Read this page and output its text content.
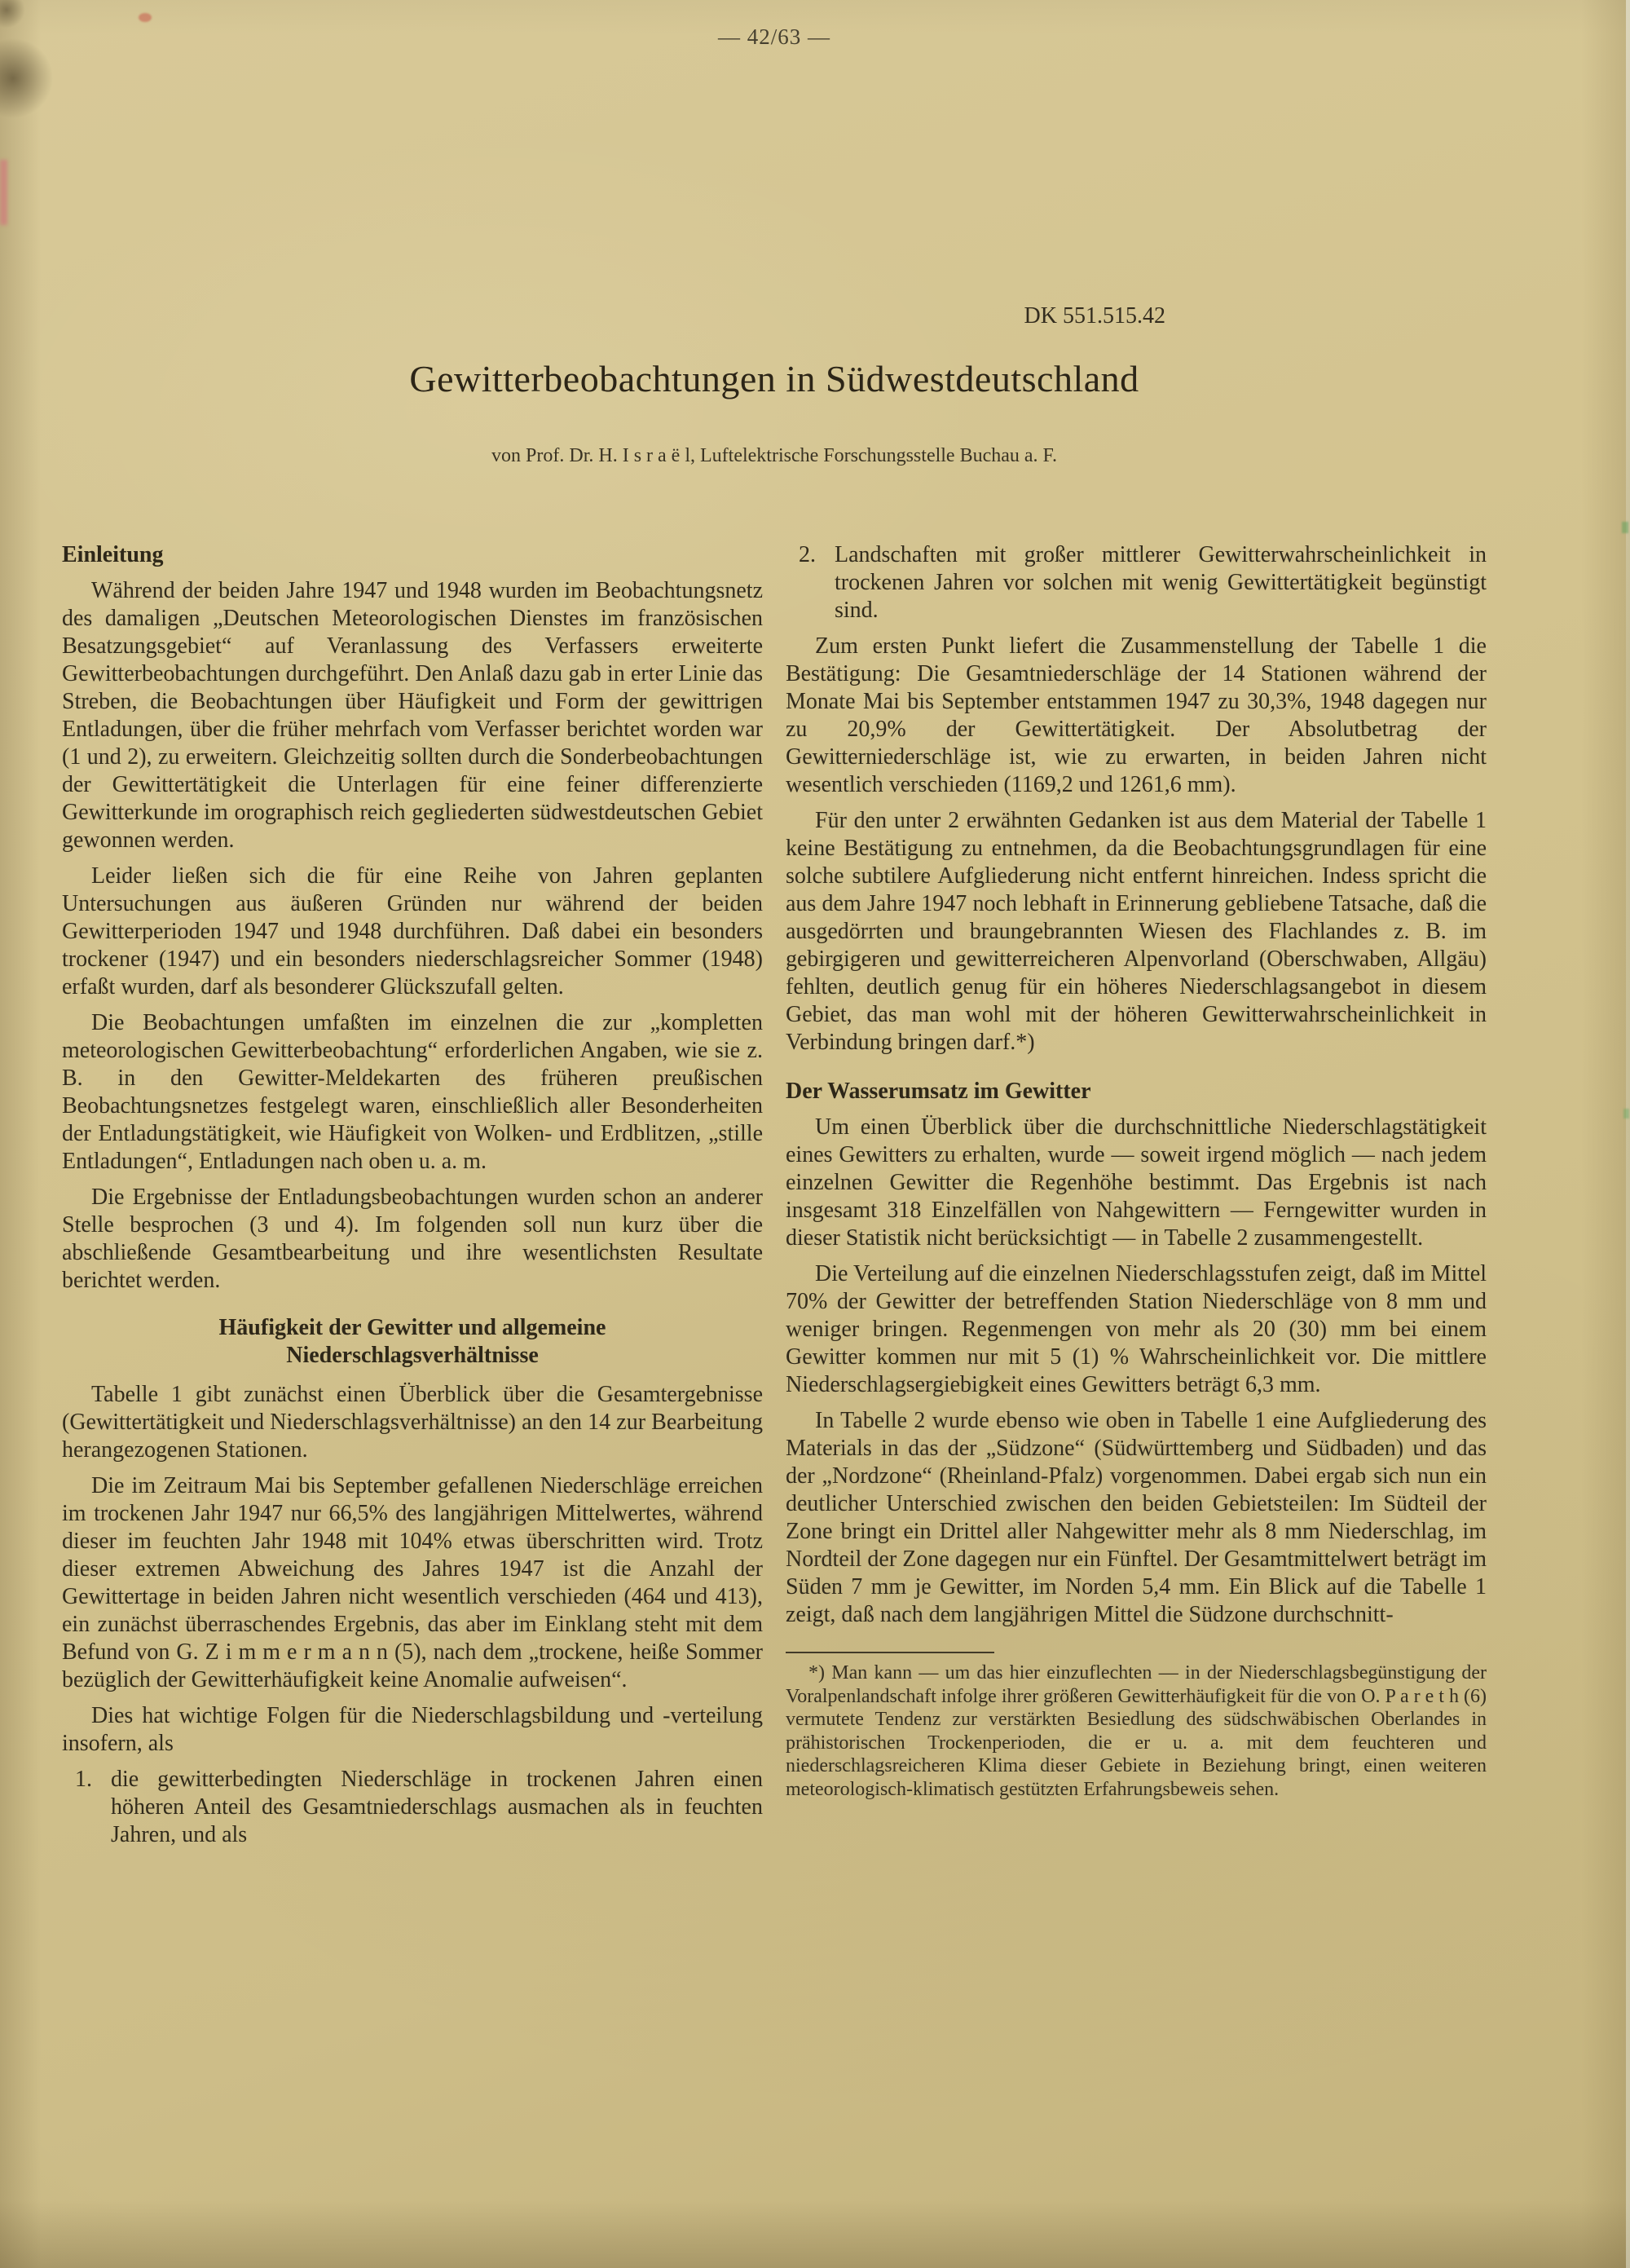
— 42/63 —
DK 551.515.42
Gewitterbeobachtungen in Südwestdeutschland
von Prof. Dr. H. I s r a ë l, Luftelektrische Forschungsstelle Buchau a. F.
Einleitung

Während der beiden Jahre 1947 und 1948 wurden im Beobachtungsnetz des damaligen „Deutschen Meteorologischen Dienstes im französischen Besatzungsgebiet“ auf Veranlassung des Verfassers erweiterte Gewitterbeobachtungen durchgeführt. Den Anlaß dazu gab in erter Linie das Streben, die Beobachtungen über Häufigkeit und Form der gewittrigen Entladungen, über die früher mehrfach vom Verfasser berichtet worden war (1 und 2), zu erweitern. Gleichzeitig sollten durch die Sonderbeobachtungen der Gewittertätigkeit die Unterlagen für eine feiner differenzierte Gewitterkunde im orographisch reich gegliederten südwestdeutschen Gebiet gewonnen werden.

Leider ließen sich die für eine Reihe von Jahren geplanten Untersuchungen aus äußeren Gründen nur während der beiden Gewitterperioden 1947 und 1948 durchführen. Daß dabei ein besonders trockener (1947) und ein besonders niederschlagsreicher Sommer (1948) erfaßt wurden, darf als besonderer Glückszufall gelten.

Die Beobachtungen umfaßten im einzelnen die zur „kompletten meteorologischen Gewitterbeobachtung“ erforderlichen Angaben, wie sie z. B. in den Gewitter-Meldekarten des früheren preußischen Beobachtungsnetzes festgelegt waren, einschließlich aller Besonderheiten der Entladungstätigkeit, wie Häufigkeit von Wolken- und Erdblitzen, „stille Entladungen“, Entladungen nach oben u. a. m.

Die Ergebnisse der Entladungsbeobachtungen wurden schon an anderer Stelle besprochen (3 und 4). Im folgenden soll nun kurz über die abschließende Gesamtbearbeitung und ihre wesentlichsten Resultate berichtet werden.

Häufigkeit der Gewitter und allgemeine Niederschlagsverhältnisse

Tabelle 1 gibt zunächst einen Überblick über die Gesamtergebnisse (Gewittertätigkeit und Niederschlagsverhältnisse) an den 14 zur Bearbeitung herangezogenen Stationen.

Die im Zeitraum Mai bis September gefallenen Niederschläge erreichen im trockenen Jahr 1947 nur 66,5% des langjährigen Mittelwertes, während dieser im feuchten Jahr 1948 mit 104% etwas überschritten wird. Trotz dieser extremen Abweichung des Jahres 1947 ist die Anzahl der Gewittertage in beiden Jahren nicht wesentlich verschieden (464 und 413), ein zunächst überraschendes Ergebnis, das aber im Einklang steht mit dem Befund von G. Z i m m e r m a n n (5), nach dem „trockene, heiße Sommer bezüglich der Gewitterhäufigkeit keine Anomalie aufweisen“.

Dies hat wichtige Folgen für die Niederschlagsbildung und -verteilung insofern, als

1. die gewitterbedingten Niederschläge in trockenen Jahren einen höheren Anteil des Gesamtniederschlags ausmachen als in feuchten Jahren, und als
2. Landschaften mit großer mittlerer Gewitterwahrscheinlichkeit in trockenen Jahren vor solchen mit wenig Gewittertätigkeit begünstigt sind.

Zum ersten Punkt liefert die Zusammenstellung der Tabelle 1 die Bestätigung: Die Gesamtniederschläge der 14 Stationen während der Monate Mai bis September entstammen 1947 zu 30,3%, 1948 dagegen nur zu 20,9% der Gewittertätigkeit. Der Absolutbetrag der Gewitterniederschläge ist, wie zu erwarten, in beiden Jahren nicht wesentlich verschieden (1169,2 und 1261,6 mm).

Für den unter 2 erwähnten Gedanken ist aus dem Material der Tabelle 1 keine Bestätigung zu entnehmen, da die Beobachtungsgrundlagen für eine solche subtilere Aufgliederung nicht entfernt hinreichen. Indess spricht die aus dem Jahre 1947 noch lebhaft in Erinnerung gebliebene Tatsache, daß die ausgedörrten und braungebrannten Wiesen des Flachlandes z. B. im gebirgigeren und gewitterreicheren Alpenvorland (Oberschwaben, Allgäu) fehlten, deutlich genug für ein höheres Niederschlagsangebot in diesem Gebiet, das man wohl mit der höheren Gewitterwahrscheinlichkeit in Verbindung bringen darf.*)

Der Wasserumsatz im Gewitter

Um einen Überblick über die durchschnittliche Niederschlagstätigkeit eines Gewitters zu erhalten, wurde — soweit irgend möglich — nach jedem einzelnen Gewitter die Regenhöhe bestimmt. Das Ergebnis ist nach insgesamt 318 Einzelfällen von Nahgewittern — Ferngewitter wurden in dieser Statistik nicht berücksichtigt — in Tabelle 2 zusammengestellt.

Die Verteilung auf die einzelnen Niederschlagsstufen zeigt, daß im Mittel 70% der Gewitter der betreffenden Station Niederschläge von 8 mm und weniger bringen. Regenmengen von mehr als 20 (30) mm bei einem Gewitter kommen nur mit 5 (1) % Wahrscheinlichkeit vor. Die mittlere Niederschlagsergiebigkeit eines Gewitters beträgt 6,3 mm.

In Tabelle 2 wurde ebenso wie oben in Tabelle 1 eine Aufgliederung des Materials in das der „Südzone“ (Südwürttemberg und Südbaden) und das der „Nordzone“ (Rheinland-Pfalz) vorgenommen. Dabei ergab sich nun ein deutlicher Unterschied zwischen den beiden Gebietsteilen: Im Südteil der Zone bringt ein Drittel aller Nahgewitter mehr als 8 mm Niederschlag, im Nordteil der Zone dagegen nur ein Fünftel. Der Gesamtmittelwert beträgt im Süden 7 mm je Gewitter, im Norden 5,4 mm. Ein Blick auf die Tabelle 1 zeigt, daß nach dem langjährigen Mittel die Südzone durchschnitt-

*) Man kann — um das hier einzuflechten — in der Niederschlagsbegünstigung der Voralpenlandschaft infolge ihrer größeren Gewitterhäufigkeit für die von O. P a r e t h (6) vermutete Tendenz zur verstärkten Besiedlung des südschwäbischen Oberlandes in prähistorischen Trockenperioden, die er u. a. mit dem feuchteren und niederschlagsreicheren Klima dieser Gebiete in Beziehung bringt, einen weiteren meteorologisch-klimatisch gestützten Erfahrungsbeweis sehen.
